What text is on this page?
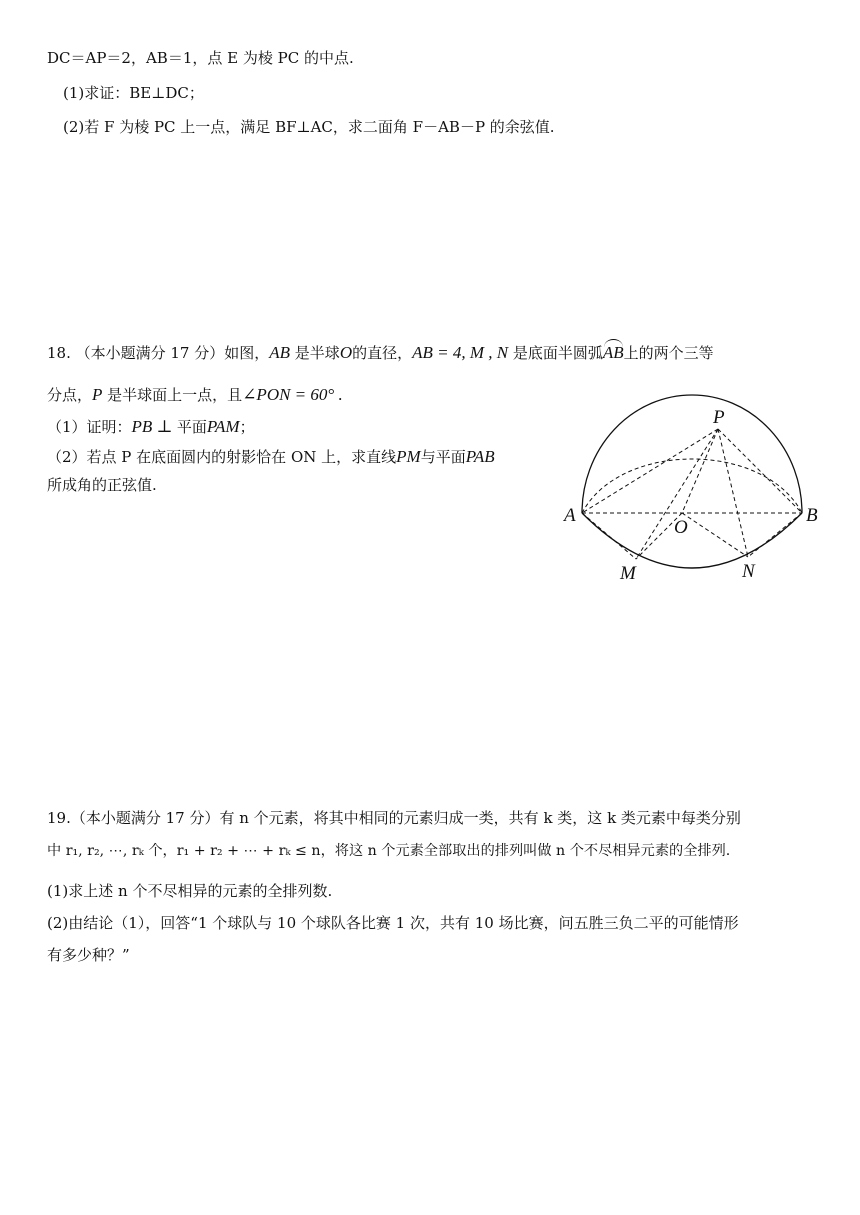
DC＝AP＝2，AB＝1，点 E 为棱 PC 的中点.
(1)求证：BE⊥DC；
(2)若 F 为棱 PC 上一点，满足 BF⊥AC，求二面角 F－AB－P 的余弦值.
18. （本小题满分 17 分）如图，AB 是半球O的直径，AB = 4, M , N 是底面半圆弧AB上的两个三等
分点，P 是半球面上一点，且∠PON = 60° .
（1）证明：PB ⊥ 平面PAM；
（2）若点 P 在底面圆内的射影恰在 ON 上，求直线PM与平面PAB
所成角的正弦值.
P
A	B
O
M	N
19.（本小题满分 17 分）有 n 个元素，将其中相同的元素归成一类，共有 k 类，这 k 类元素中每类分别
中 r₁, r₂, ⋯, rₖ 个，r₁ + r₂ + ⋯ + rₖ ≤ n，将这 n 个元素全部取出的排列叫做 n 个不尽相异元素的全排列.
(1)求上述 n 个不尽相异的元素的全排列数.
(2)由结论（1），回答“1 个球队与 10 个球队各比赛 1 次，共有 10 场比赛，问五胜三负二平的可能情形
有多少种？”
